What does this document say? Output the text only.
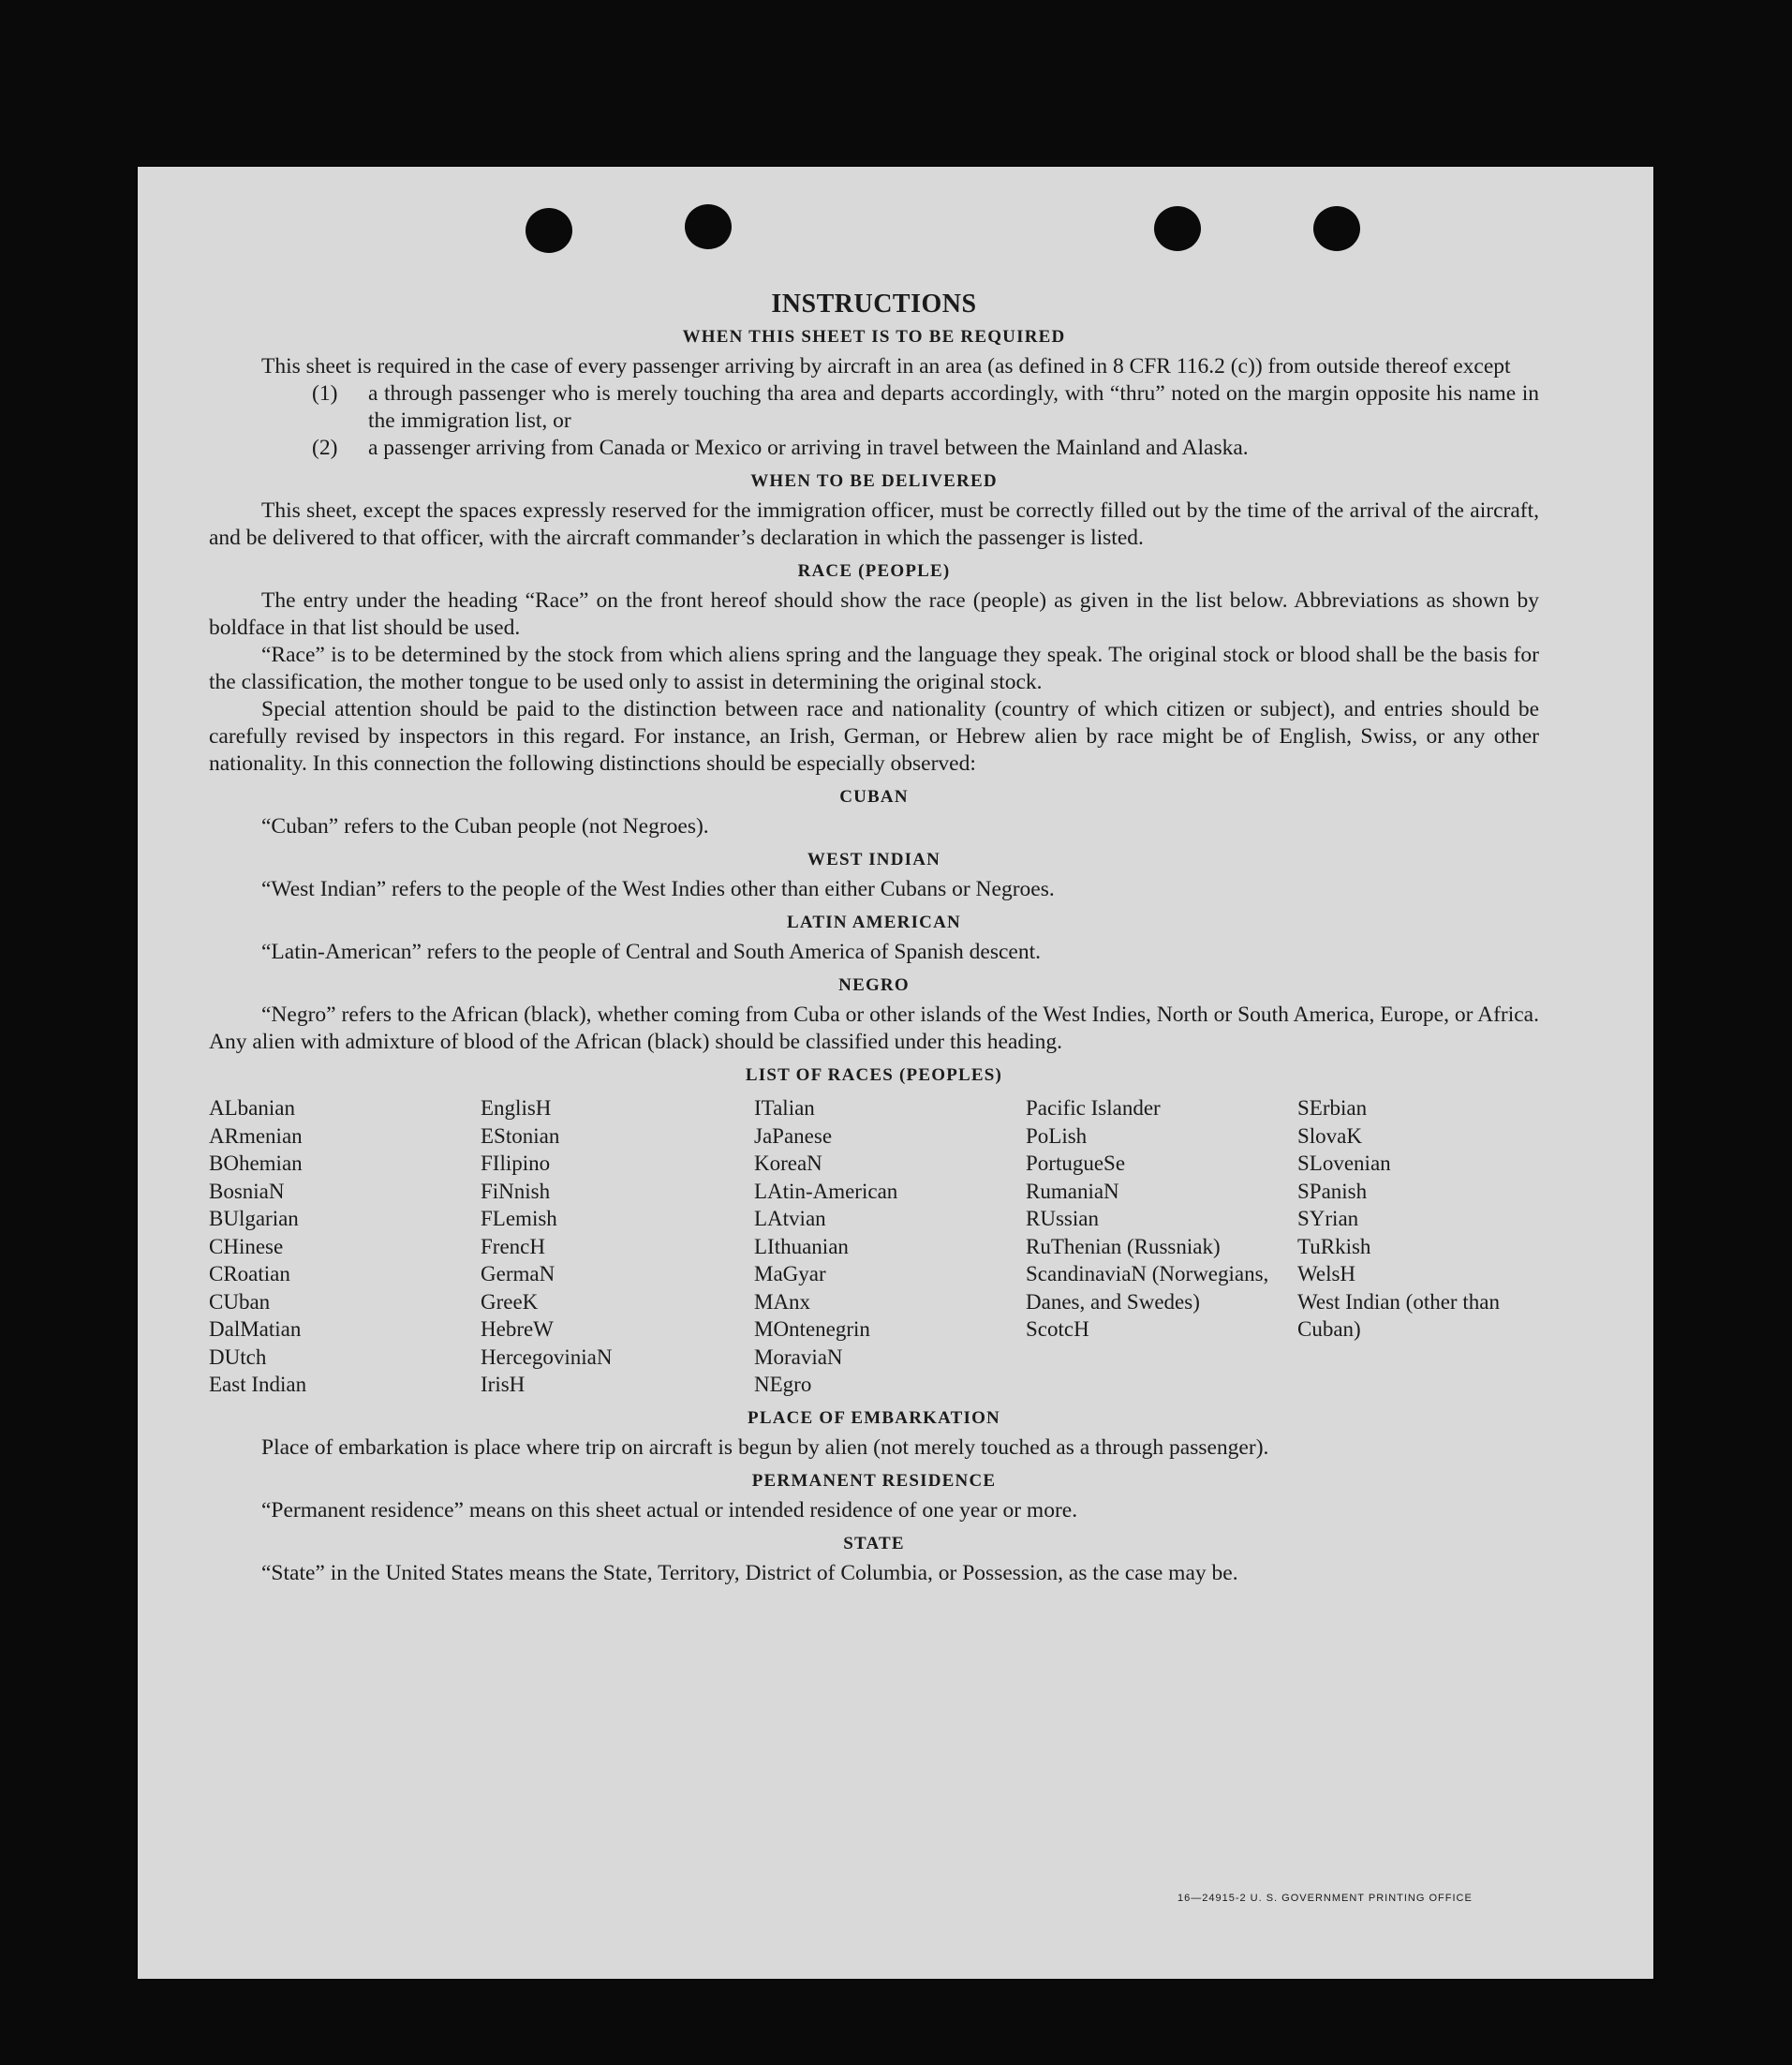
INSTRUCTIONS
WHEN THIS SHEET IS TO BE REQUIRED

This sheet is required in the case of every passenger arriving by aircraft in an area (as defined in 8 CFR 116.2 (c)) from outside thereof except

(1)	a through passenger who is merely touching tha area and departs accordingly, with “thru” noted on the margin opposite his name in the immigration list, or
(2)	a passenger arriving from Canada or Mexico or arriving in travel between the Mainland and Alaska.
WHEN TO BE DELIVERED

This sheet, except the spaces expressly reserved for the immigration officer, must be correctly filled out by the time of the arrival of the aircraft, and be delivered to that officer, with the aircraft commander’s declaration in which the passenger is listed.

RACE (PEOPLE)

The entry under the heading “Race” on the front hereof should show the race (people) as given in the list below. Abbreviations as shown by boldface in that list should be used.

“Race” is to be determined by the stock from which aliens spring and the language they speak. The original stock or blood shall be the basis for the classification, the mother tongue to be used only to assist in determining the original stock.

Special attention should be paid to the distinction between race and nationality (country of which citizen or subject), and entries should be carefully revised by inspectors in this regard. For instance, an Irish, German, or Hebrew alien by race might be of English, Swiss, or any other nationality. In this connection the following distinctions should be especially observed:

CUBAN

“Cuban” refers to the Cuban people (not Negroes).

WEST INDIAN

“West Indian” refers to the people of the West Indies other than either Cubans or Negroes.

LATIN AMERICAN

“Latin-American” refers to the people of Central and South America of Spanish descent.

NEGRO

“Negro” refers to the African (black), whether coming from Cuba or other islands of the West Indies, North or South America, Europe, or Africa. Any alien with admixture of blood of the African (black) should be classified under this heading.

LIST OF RACES (PEOPLES)
ALbanian
ARmenian
BOhemian
BosniaN
BUlgarian
CHinese
CRoatian
CUban
DalMatian
DUtch
East Indian
EnglisH
EStonian
FIlipino
FiNnish
FLemish
FrencH
GermaN
GreeK
HebreW
HercegoviniaN
IrisH
ITalian
JaPanese
KoreaN
LAtin-American
LAtvian
LIthuanian
MaGyar
MAnx
MOntenegrin
MoraviaN
NEgro
Pacific Islander
PoLish
PortugueSe
RumaniaN
RUssian
RuThenian (Russniak)
ScandinaviaN (Norwegians, Danes, and Swedes)
ScotcH
SErbian
SlovaK
SLovenian
SPanish
SYrian
TuRkish
WelsH
West Indian (other than Cuban)
PLACE OF EMBARKATION

Place of embarkation is place where trip on aircraft is begun by alien (not merely touched as a through passenger).

PERMANENT RESIDENCE

“Permanent residence” means on this sheet actual or intended residence of one year or more.

STATE

“State” in the United States means the State, Territory, District of Columbia, or Possession, as the case may be.

16—24915-2 U. S. GOVERNMENT PRINTING OFFICE
